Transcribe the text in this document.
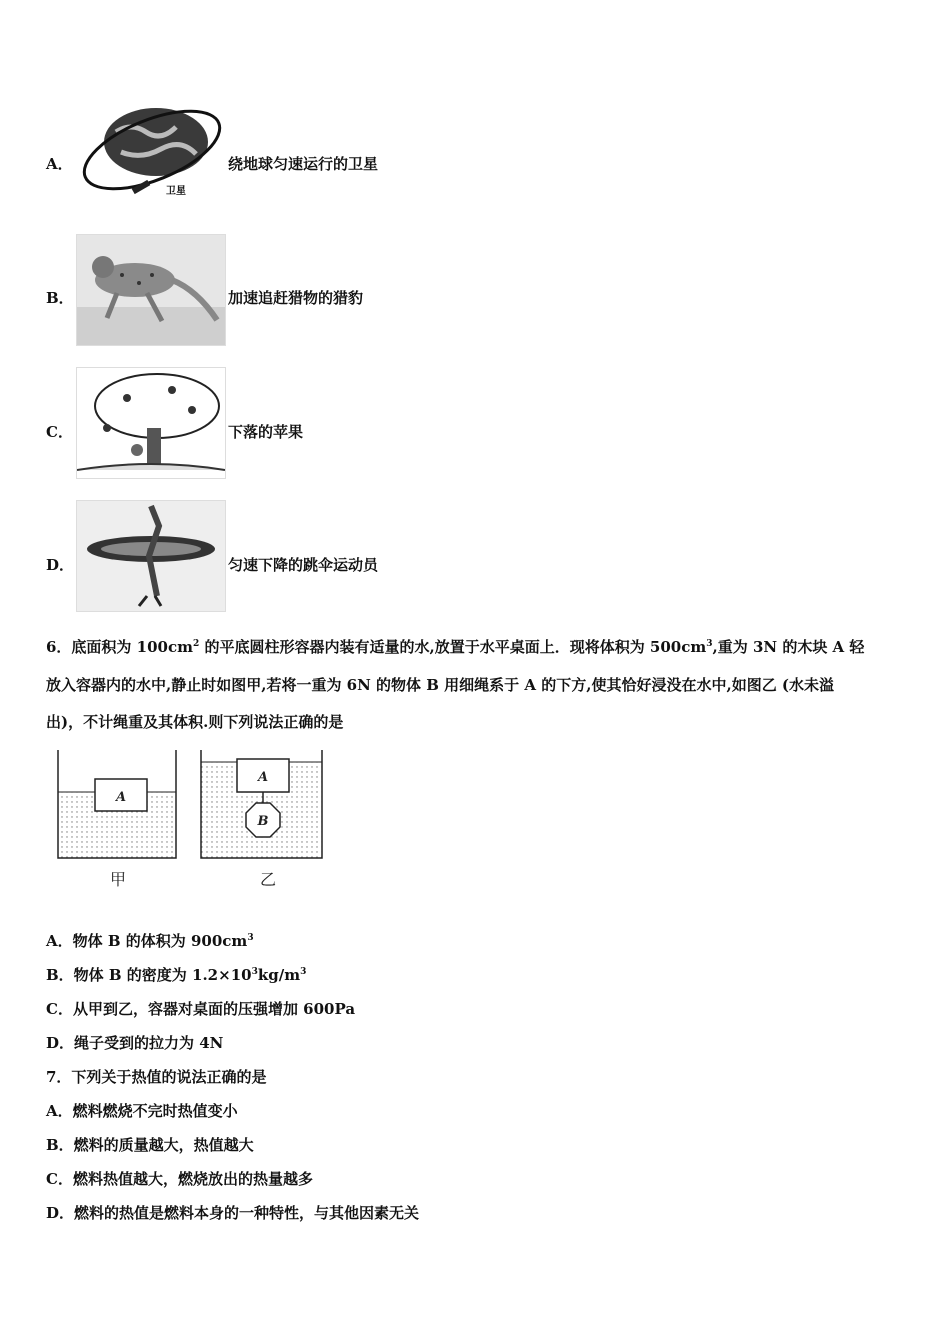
A．
卫星
绕地球匀速运行的卫星
B．	加速追赶猎物的猎豹
C．	下落的苹果
D．	匀速下降的跳伞运动员
6．底面积为 $100cm^2$ 的平底圆柱形容器内装有适量的水,放置于水平桌面上．现将体积为 $500cm^3$,重为 3N 的木块 A 轻
放入容器内的水中,静止时如图甲,若将一重为 6N 的物体 B 用细绳系于 A 的下方,使其恰好浸没在水中,如图乙 (水未溢
出)，不计绳重及其体积.则下列说法正确的是
A
甲
A
B
乙
A．物体 B 的体积为 $900cm^3$
B．物体 B 的密度为 $1.2\times 10^3kg/m^3$
C．从甲到乙，容器对桌面的压强增加 600Pa
D．绳子受到的拉力为 4N
7．下列关于热值的说法正确的是
A．燃料燃烧不完时热值变小
B．燃料的质量越大，热值越大
C．燃料热值越大，燃烧放出的热量越多
D．燃料的热值是燃料本身的一种特性，与其他因素无关
